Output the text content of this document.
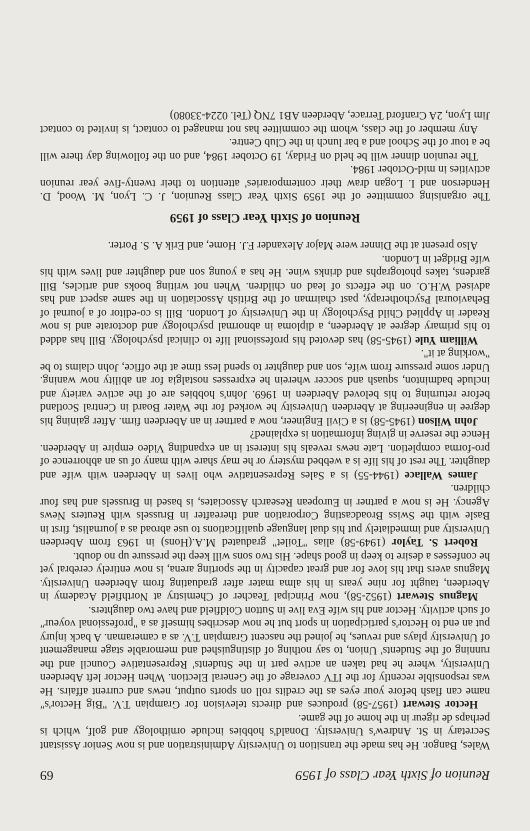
Reunion of Sixth Year Class of 1959
69

Wales, Bangor. He has made the transition to University Administration and is now Senior Assistant Secretary in St. Andrew's University. Donald's hobbies include ornithology and golf, which is perhaps de rigeur in the home of the game.

Hector Stewart (1957-58) produces and directs television for Grampian T.V. "Big Hector's" name can flash before your eyes as the credits roll on sports output, news and current affairs. He was responsible recently for the ITV coverage of the General Election. When Hector left Aberdeen University, where he had taken an active part in the Students' Representative Council and the running of the Students' Union, to say nothing of distinguished and memorable stage management of University plays and revues, he joined the nascent Grampian T.V. as a cameraman. A back injury put an end to Hector's participation in sport but he now describes himself as a "professional voyeur" of such activity. Hector and his wife Eva live in Sutton Coldfield and have two daughters.

Magnus Stewart (1952-58), now Principal Teacher of Chemistry at Northfield Academy in Aberdeen, taught for nine years in his alma mater after graduating from Aberdeen University. Magnus avers that his love for and great capacity in the sporting arena, is now entirely cerebral yet he confesses a desire to keep in good shape. His two sons will keep the pressure up no doubt.

Robert S. Taylor (1949-58) alias "Toilet" graduated M.A.(Hons) in 1963 from Aberdeen University and immediately put his dual language qualifications to use abroad as a journalist, first in Basle with the Swiss Broadcasting Corporation and thereafter in Brussels with Reuters News Agency. He is now a partner in European Research Associates, is based in Brussels and has four children.

James Wallace (1944-55) is a Sales Representative who lives in Aberdeen with wife and daughter. The rest of his life is a webbed mystery or he may share with many of us an abhorrence of pro-forma completion. Late news reveals his interest in an expanding Video empire in Aberdeen. Hence the reserve in giving information is explained?

John Wilson (1945-58) is a Civil Engineer, now a partner in an Aberdeen firm. After gaining his degree in engineering at Aberdeen University he worked for the Water Board in Central Scotland before returning to his beloved Aberdeen in 1969. John's hobbies are of the active variety and include badminton, squash and soccer wherein he expresses nostalgia for an ability now waning. Under some pressure from wife, son and daughter to spend less time at the office, John claims to be "working at it".

William Yule (1945-58) has devoted his professional life to clinical psychology. Bill has added to his primary degree at Aberdeen, a diploma in abnormal psychology and doctorate and is now Reader in Applied Child Psychology in the University of London. Bill is co-editor of a journal of Behavioural Psychotherapy, past chairman of the British Association in the same aspect and has advised W.H.O. on the effects of lead on children. When not writing books and articles, Bill gardens, takes photographs and drinks wine. He has a young son and daughter and lives with his wife Bridget in London.

Also present at the Dinner were Major Alexander F.J. Home, and Erik A. S. Porter.

Reunion of Sixth Year Class of 1959

The organising committee of the 1959 Sixth Year Class Reunion, J. C. Lyon, M. Wood, D. Henderson and I. Logan draw their contemporaries' attention to their twenty-five year reunion activities in mid-October 1984.

The reunion dinner will be held on Friday, 19 October 1984, and on the following day there will be a tour of the School and a bar lunch in the Club Centre.

Any member of the class, whom the committee has not managed to contact, is invited to contact Jim Lyon, 2A Cranford Terrace, Aberdeen AB1 7NQ (Tel. 0224-33080)
